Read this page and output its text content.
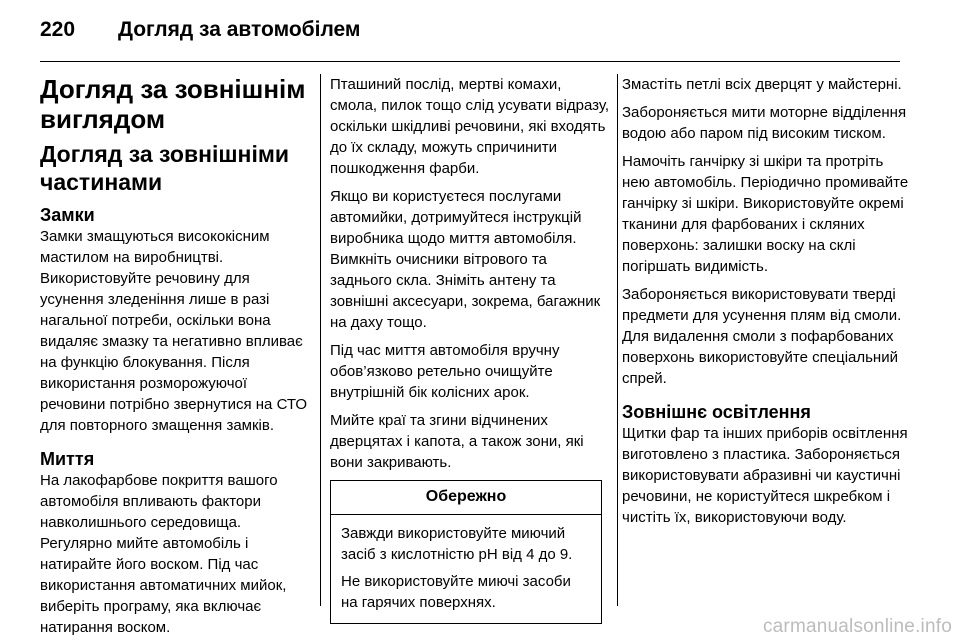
220 Догляд за автомобілем
Догляд за зовнішнім виглядом
Догляд за зовнішніми частинами
Замки

Замки змащуються висококісним мастилом на виробництві. Використовуйте речовину для усунення зледеніння лише в разі нагальної потреби, оскільки вона видаляє змазку та негативно впливає на функцію блокування. Після використання розморожуючої речовини потрібно звернутися на СТО для повторного змащення замків.

Миття

На лакофарбове покриття вашого автомобіля впливають фактори навколишнього середовища. Регулярно мийте автомобіль і натирайте його воском. Під час використання автоматичних мийок, виберіть програму, яка включає натирання воском.

Пташиний послід, мертві комахи, смола, пилок тощо слід усувати відразу, оскільки шкідливі речовини, які входять до їх складу, можуть спричинити пошкодження фарби.

Якщо ви користуєтеся послугами автомийки, дотримуйтеся інструкцій виробника щодо миття автомобіля. Вимкніть очисники вітрового та заднього скла. Зніміть антену та зовнішні аксесуари, зокрема, багажник на даху тощо.

Під час миття автомобіля вручну обов’язково ретельно очищуйте внутрішній бік колісних арок.

Мийте краї та згини відчинених дверцятах і капота, а також зони, які вони закривають.

Обережно

Завжди використовуйте миючий засіб з кислотністю рН від 4 до 9.

Не використовуйте миючі засоби на гарячих поверхнях.

Змастіть петлі всіх дверцят у майстерні.

Забороняється мити моторне відділення водою або паром під високим тиском.

Намочіть ганчірку зі шкіри та протріть нею автомобіль. Періодично промивайте ганчірку зі шкіри. Використовуйте окремі тканини для фарбованих і скляних поверхонь: залишки воску на склі погіршать видимість.

Забороняється використовувати тверді предмети для усунення плям від смоли. Для видалення смоли з пофарбованих поверхонь використовуйте спеціальний спрей.

Зовнішнє освітлення

Щитки фар та інших приборів освітлення виготовлено з пластика. Забороняється використовувати абразивні чи каустичні речовини, не користуйтеся шкребком і чистіть їх, використовуючи воду.

carmanualsonline.info
